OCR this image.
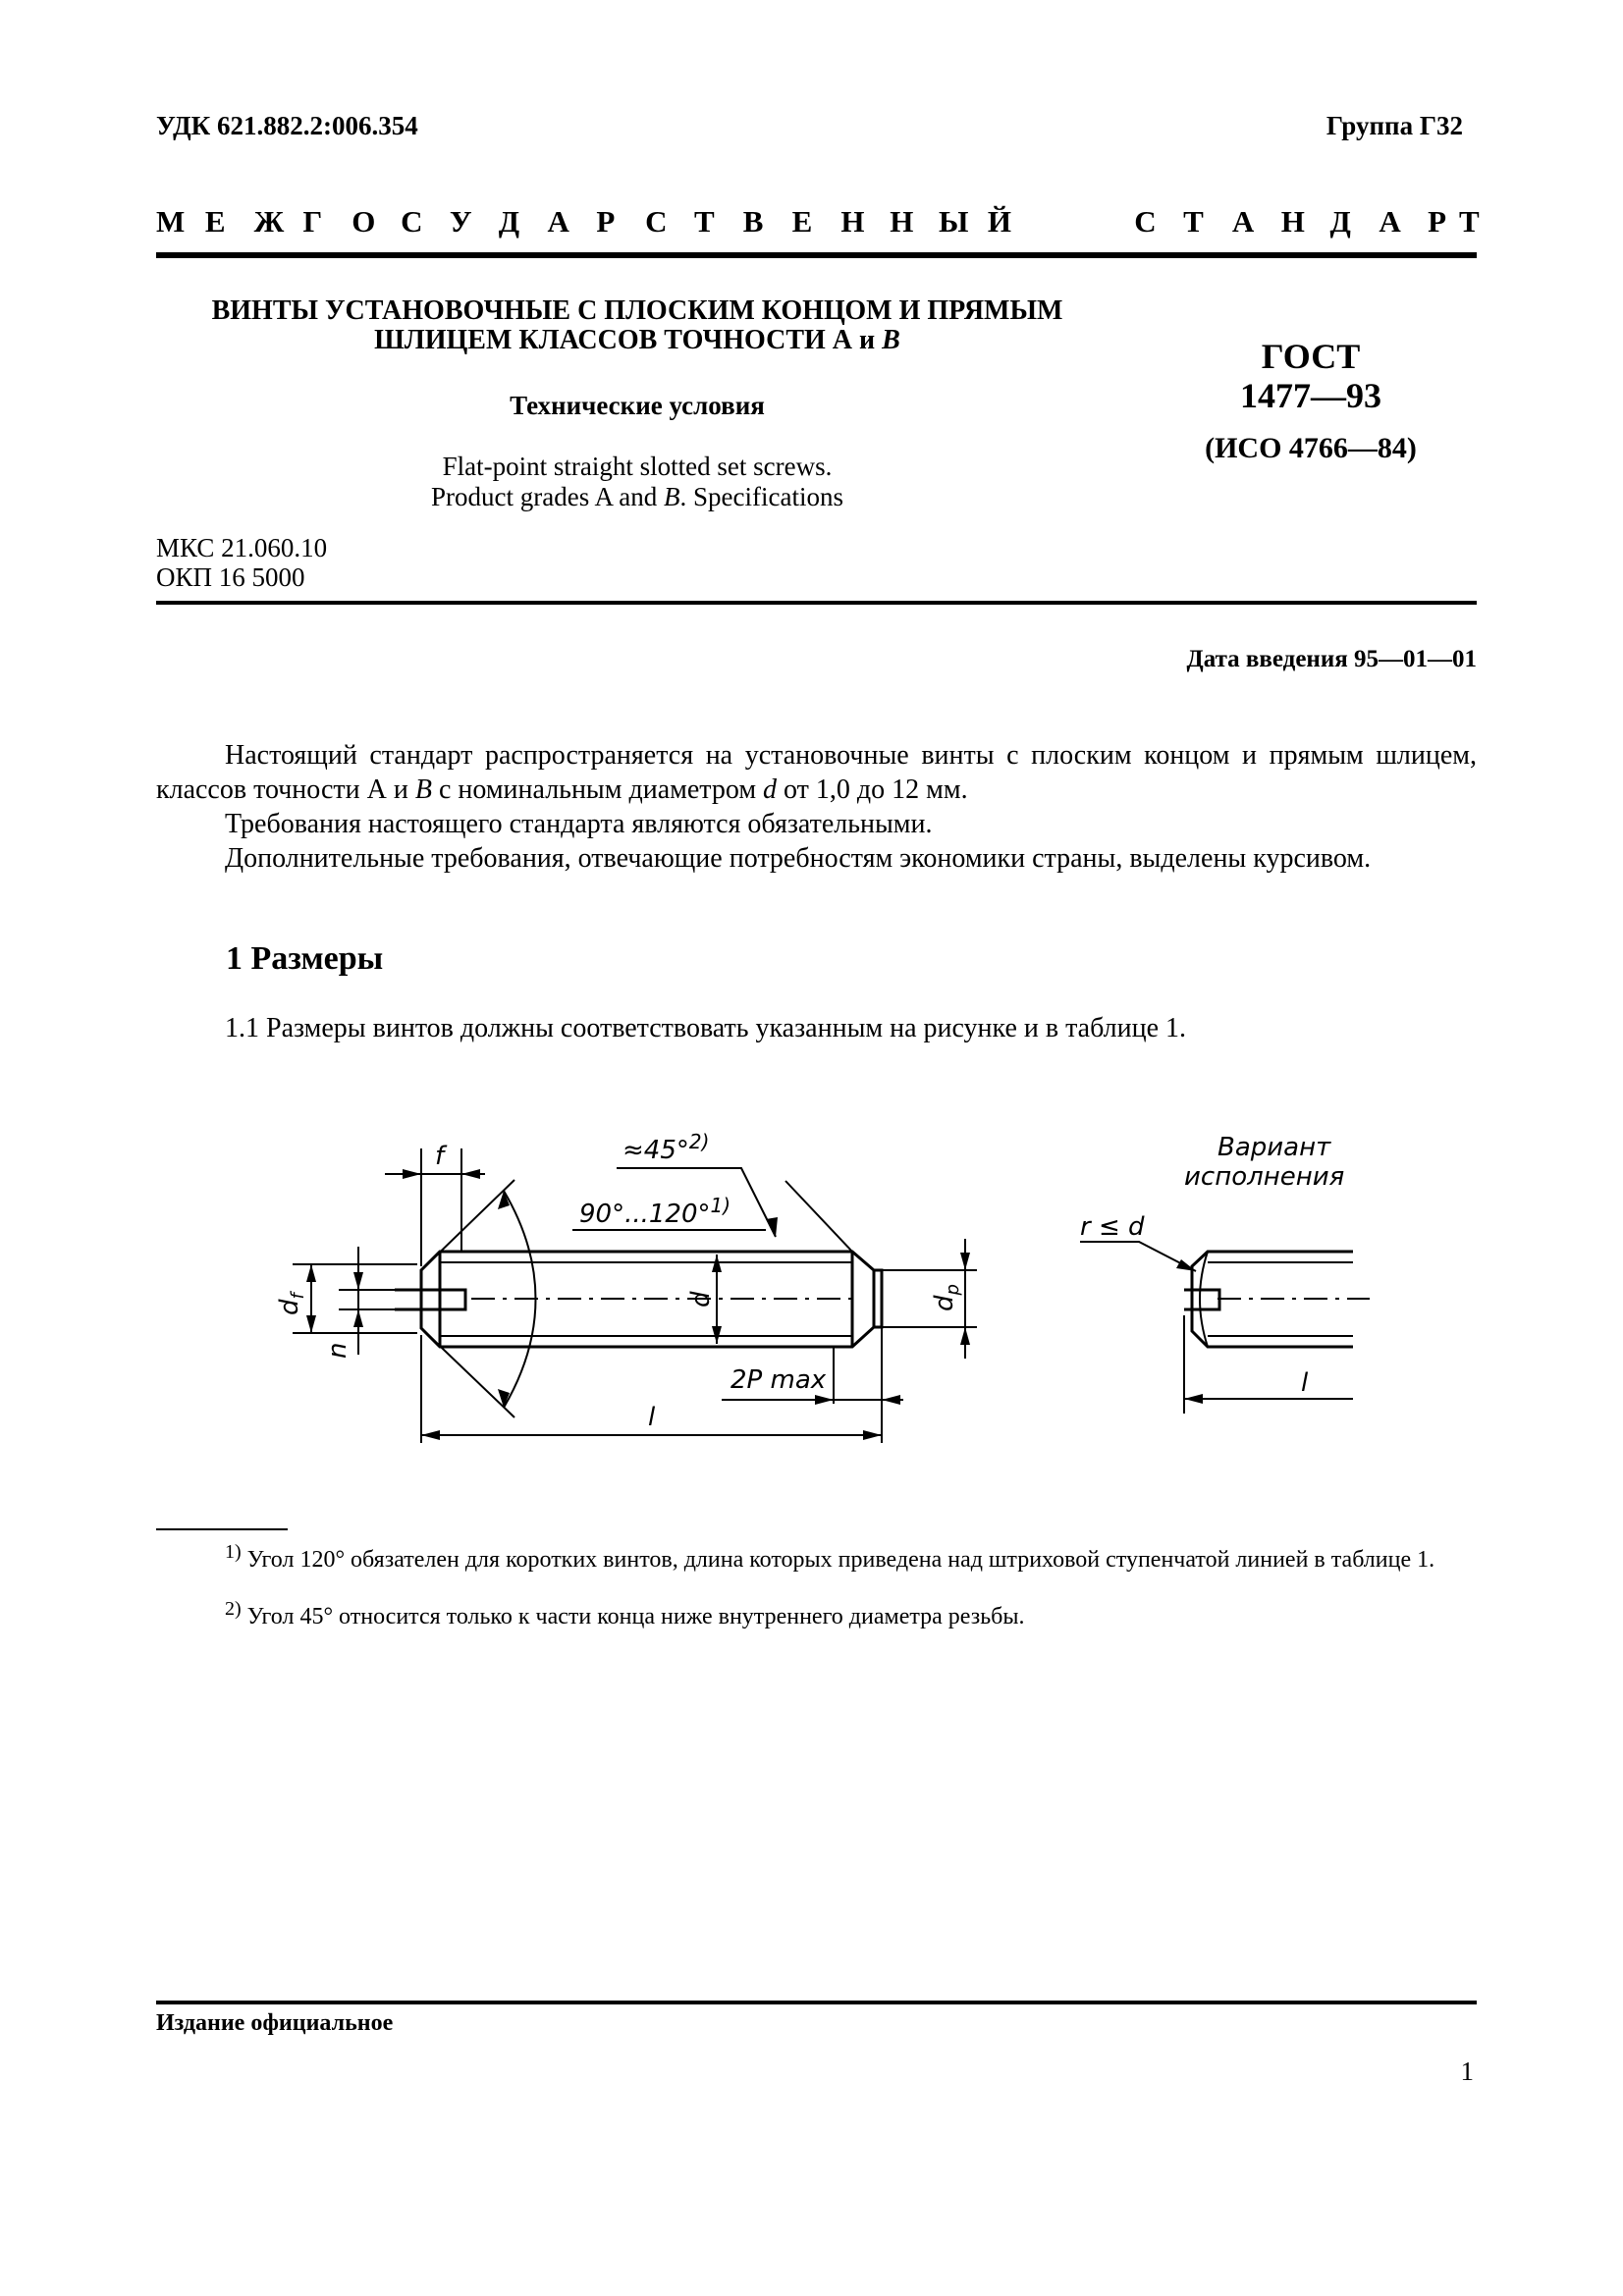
УДК 621.882.2:006.354	Группа Г32
М Е Ж Г О С У Д А Р С Т В Е Н Н Ы Й	С Т А Н Д А Р Т
ВИНТЫ УСТАНОВОЧНЫЕ С ПЛОСКИМ КОНЦОМ И ПРЯМЫМ
ШЛИЦЕМ КЛАССОВ ТОЧНОСТИ А и В
Технические условия
Flat-point straight slotted set screws.
Product grades A and B. Specifications
ГОСТ
1477—93
(ИСО 4766—84)
МКС 21.060.10
ОКП 16 5000
Дата введения 95—01—01
Настоящий стандарт распространяется на установочные винты с плоским концом и прямым шлицем, классов точности А и В с номинальным диаметром d от 1,0 до 12 мм.
Требования настоящего стандарта являются обязательными.
Дополнительные требования, отвечающие потребностям экономики страны, выделены курсивом.
1 Размеры
1.1 Размеры винтов должны соответствовать указанным на рисунке и в таблице 1.
f	≈45°$^{2)}$
90°...120°$^{1)}$
$d_f$
n
d	$d_p$
2P max
l
Вариант
исполнения
r ≤ d
l
$^{1)}$ Угол 120° обязателен для коротких винтов, длина которых приведена над штриховой ступенчатой линией в таблице 1.
$^{2)}$ Угол 45° относится только к части конца ниже внутреннего диаметра резьбы.
Издание официальное
1
